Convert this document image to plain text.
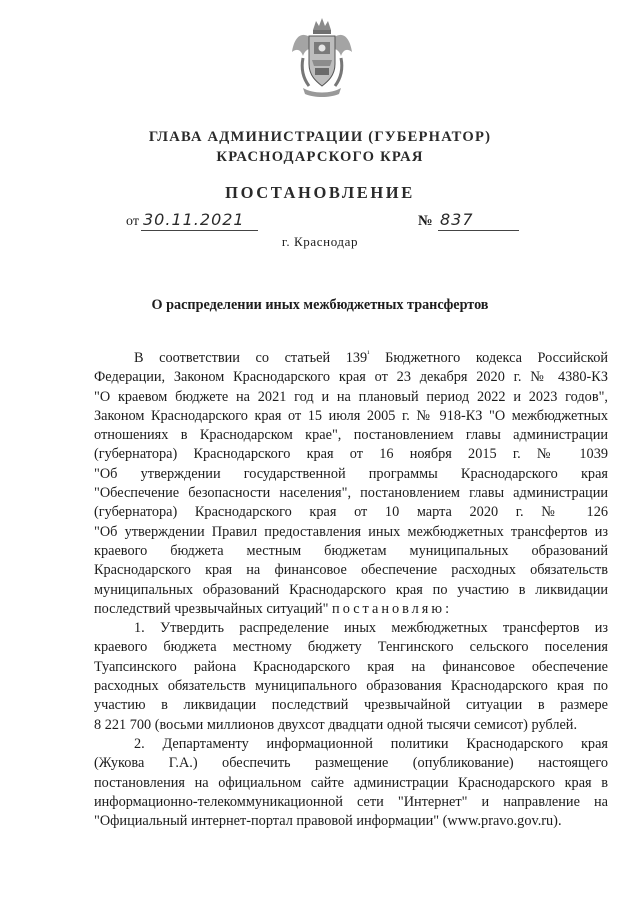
ГЛАВА АДМИНИСТРАЦИИ (ГУБЕРНАТОР)
КРАСНОДАРСКОГО КРАЯ
ПОСТАНОВЛЕНИЕ
от 30.11.2021	№ 837
г. Краснодар
О распределении иных межбюджетных трансфертов
В соответствии со статьей $139^{^1}$ Бюджетного кодекса Российской
Федерации, Законом Краснодарского края от 23 декабря 2020 г. № 4380-КЗ
"О краевом бюджете на 2021 год и на плановый период 2022 и 2023 годов",
Законом Краснодарского края от 15 июля 2005 г. № 918-КЗ "О межбюджетных
отношениях в Краснодарском крае", постановлением главы администрации
(губернатора) Краснодарского края от 16 ноября 2015 г. № 1039
"Об утверждении государственной программы Краснодарского края
"Обеспечение безопасности населения", постановлением главы администрации
(губернатора) Краснодарского края от 10 марта 2020 г. № 126
"Об утверждении Правил предоставления иных межбюджетных трансфертов из
краевого бюджета местным бюджетам муниципальных образований
Краснодарского края на финансовое обеспечение расходных обязательств
муниципальных образований Краснодарского края по участию в ликвидации
последствий чрезвычайных ситуаций" постановляю:
1. Утвердить распределение иных межбюджетных трансфертов из
краевого бюджета местному бюджету Тенгинского сельского поселения
Туапсинского района Краснодарского края на финансовое обеспечение
расходных обязательств муниципального образования Краснодарского края по
участию в ликвидации последствий чрезвычайной ситуации в размере
8 221 700 (восьми миллионов двухсот двадцати одной тысячи семисот) рублей.
2. Департаменту информационной политики Краснодарского края
(Жукова Г.А.) обеспечить размещение (опубликование) настоящего
постановления на официальном сайте администрации Краснодарского края в
информационно-телекоммуникационной сети "Интернет" и направление на
"Официальный интернет-портал правовой информации" (www.pravo.gov.ru).
